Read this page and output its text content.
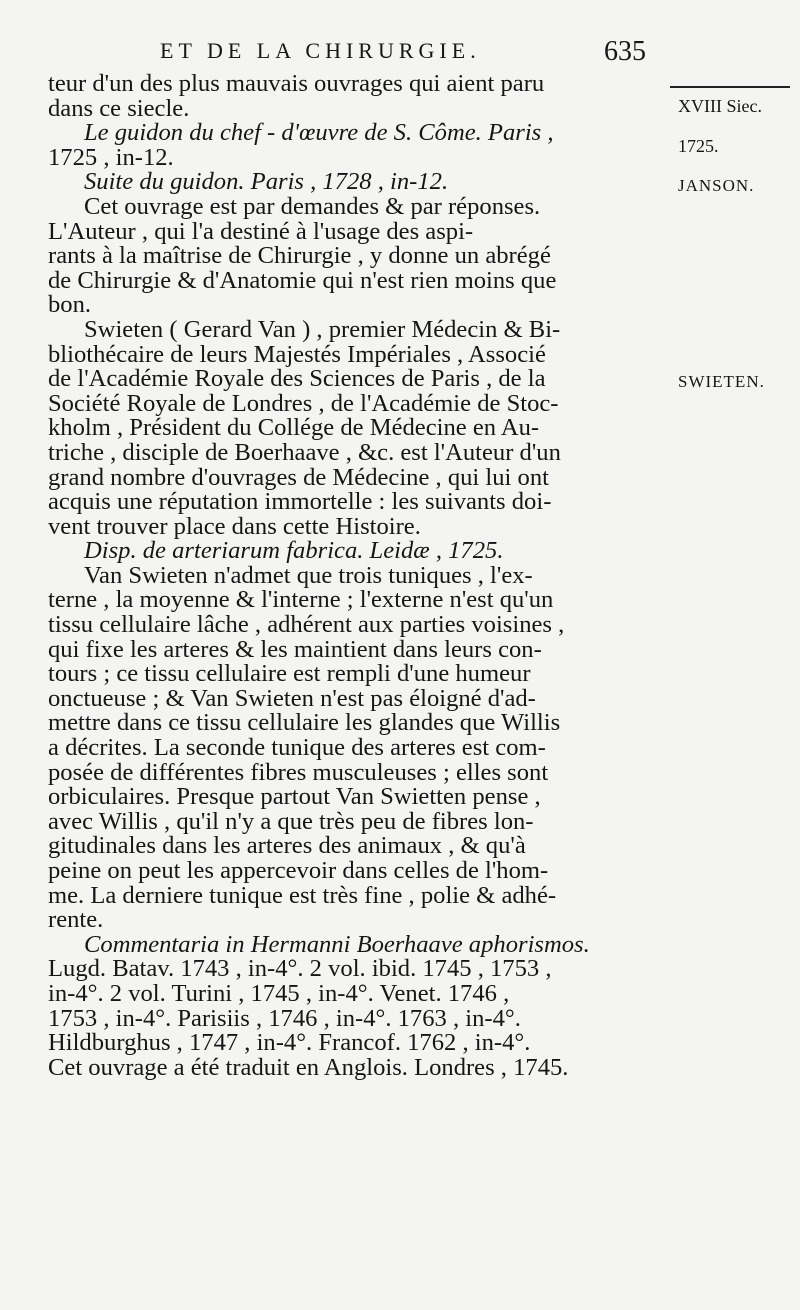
ET DE LA CHIRURGIE.	635
XVIII Siec.
1725.
JANSON.
SWIETEN.
teur d'un des plus mauvais ouvrages qui aient paru
dans ce siecle.
Le guidon du chef - d'œuvre de S. Côme. Paris ,
1725 , in-12.
Suite du guidon. Paris , 1728 , in-12.
Cet ouvrage est par demandes & par réponses.
L'Auteur , qui l'a destiné à l'usage des aspi-
rants à la maîtrise de Chirurgie , y donne un abrégé
de Chirurgie & d'Anatomie qui n'est rien moins que
bon.
Swieten ( Gerard Van ) , premier Médecin & Bi-
bliothécaire de leurs Majestés Impériales , Associé
de l'Académie Royale des Sciences de Paris , de la
Société Royale de Londres , de l'Académie de Stoc-
kholm , Président du Collége de Médecine en Au-
triche , disciple de Boerhaave , &c. est l'Auteur d'un
grand nombre d'ouvrages de Médecine , qui lui ont
acquis une réputation immortelle : les suivants doi-
vent trouver place dans cette Histoire.
Disp. de arteriarum fabrica. Leidæ , 1725.
Van Swieten n'admet que trois tuniques , l'ex-
terne , la moyenne & l'interne ; l'externe n'est qu'un
tissu cellulaire lâche , adhérent aux parties voisines ,
qui fixe les arteres & les maintient dans leurs con-
tours ; ce tissu cellulaire est rempli d'une humeur
onctueuse ; & Van Swieten n'est pas éloigné d'ad-
mettre dans ce tissu cellulaire les glandes que Willis
a décrites. La seconde tunique des arteres est com-
posée de différentes fibres musculeuses ; elles sont
orbiculaires. Presque partout Van Swietten pense ,
avec Willis , qu'il n'y a que très peu de fibres lon-
gitudinales dans les arteres des animaux , & qu'à
peine on peut les appercevoir dans celles de l'hom-
me. La derniere tunique est très fine , polie & adhé-
rente.
Commentaria in Hermanni Boerhaave aphorismos.
Lugd. Batav. 1743 , in-4°. 2 vol. ibid. 1745 , 1753 ,
in-4°. 2 vol. Turini , 1745 , in-4°. Venet. 1746 ,
1753 , in-4°. Parisiis , 1746 , in-4°. 1763 , in-4°.
Hildburghus , 1747 , in-4°. Francof. 1762 , in-4°.
Cet ouvrage a été traduit en Anglois. Londres , 1745.
